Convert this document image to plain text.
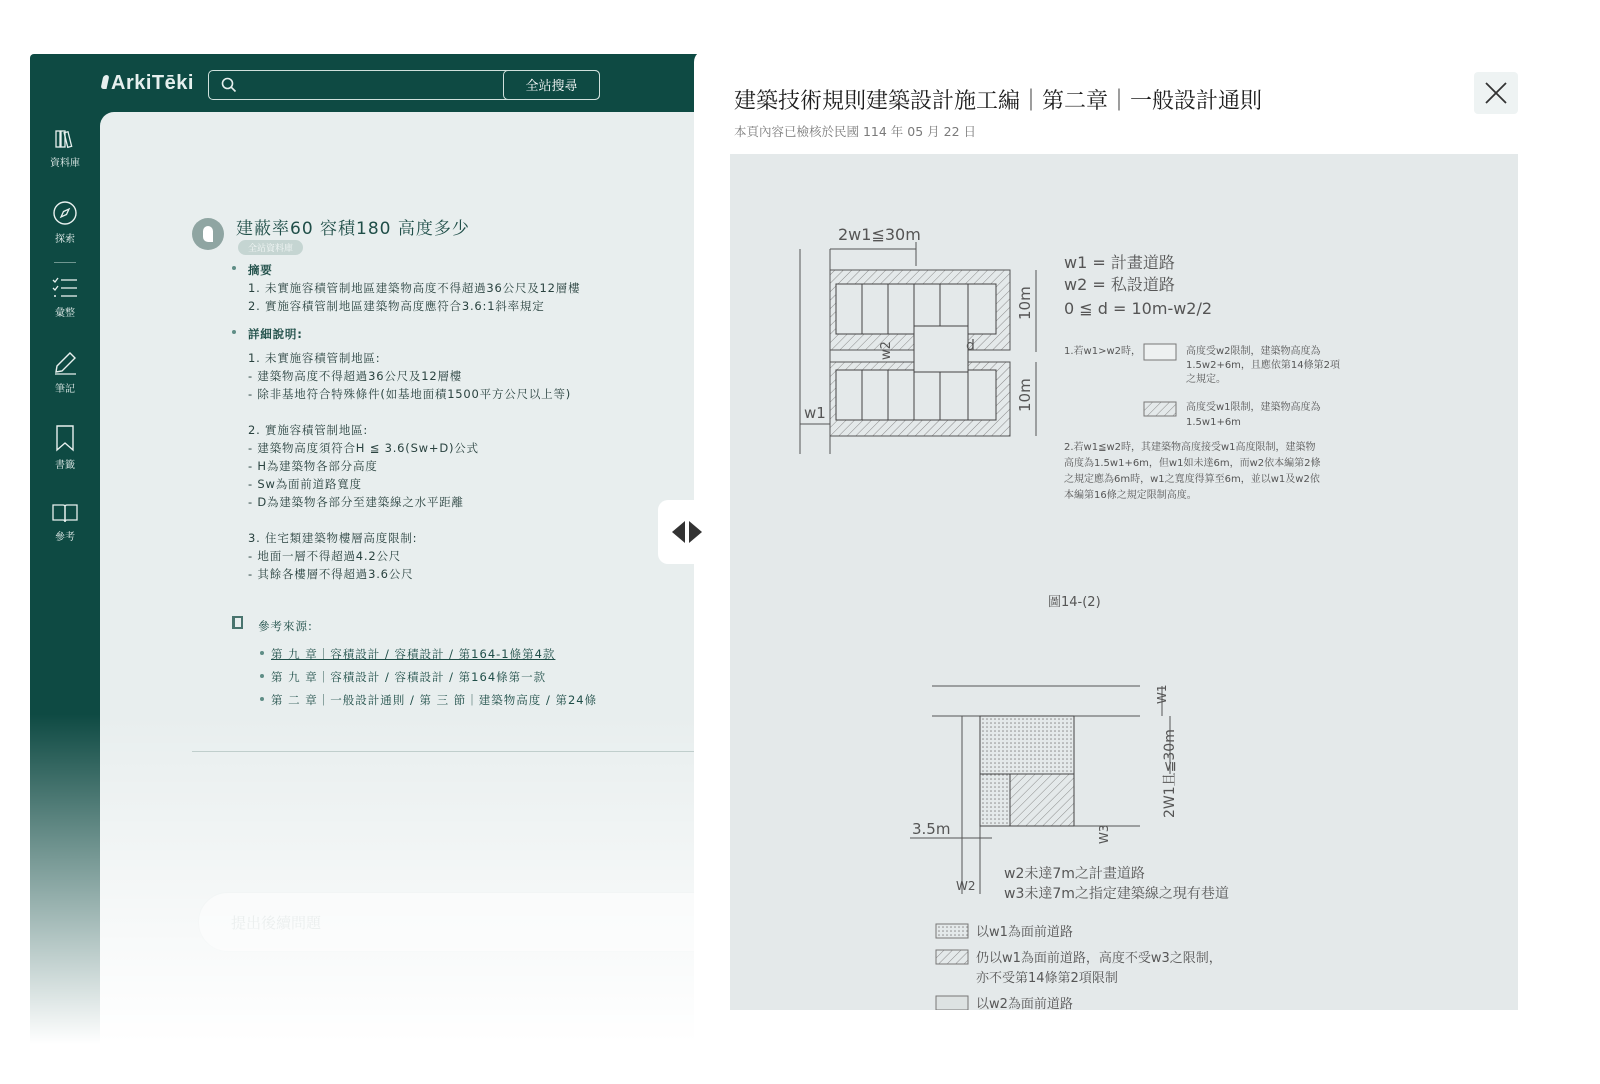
ArkiTēki	全站搜尋
資料庫
探索
彙整
筆記
書籤
參考
建蔽率60 容積180 高度多少
全站資料庫
摘要
1. 未實施容積管制地區建築物高度不得超過36公尺及12層樓
2. 實施容積管制地區建築物高度應符合3.6:1斜率規定
詳細說明:
1. 未實施容積管制地區:
- 建築物高度不得超過36公尺及12層樓
- 除非基地符合特殊條件(如基地面積1500平方公尺以上等)
2. 實施容積管制地區:
- 建築物高度須符合H ≦ 3.6(Sw+D)公式
- H為建築物各部分高度
- Sw為面前道路寬度
- D為建築物各部分至建築線之水平距離
3. 住宅類建築物樓層高度限制:
- 地面一層不得超過4.2公尺
- 其餘各樓層不得超過3.6公尺
參考來源:
第 九 章｜容積設計 / 容積設計 / 第164-1條第4款
第 九 章｜容積設計 / 容積設計 / 第164條第一款
第 二 章｜一般設計通則 / 第 三 節｜建築物高度 / 第24條
提出後續問題
建築技術規則建築設計施工編｜第二章｜一般設計通則
本頁內容已檢核於民國 114 年 05 月 22 日
2w1≦30m
w1
w2	d
10m
10m
w1 = 計畫道路
w2 = 私設道路
0 ≦ d = 10m-w2/2
1.若w1>w2時，	高度受w2限制，建築物高度為
1.5w2+6m，且應依第14條第2項
之規定。
高度受w1限制，建築物高度為
1.5w1+6m
2.若w1≦w2時，其建築物高度接受w1高度限制，建築物
高度為1.5w1+6m，但w1如未達6m，而w2依本編第2條
之規定應為6m時，w1之寬度得算至6m，並以w1及w2依
本編第16條之規定限制高度。
圖14-(2)
W1
2W1且≦30m
W3
3.5m
W2
w2未達7m之計畫道路
w3未達7m之指定建築線之現有巷道
以w1為面前道路
仍以w1為面前道路，高度不受w3之限制，
亦不受第14條第2項限制
以w2為面前道路
